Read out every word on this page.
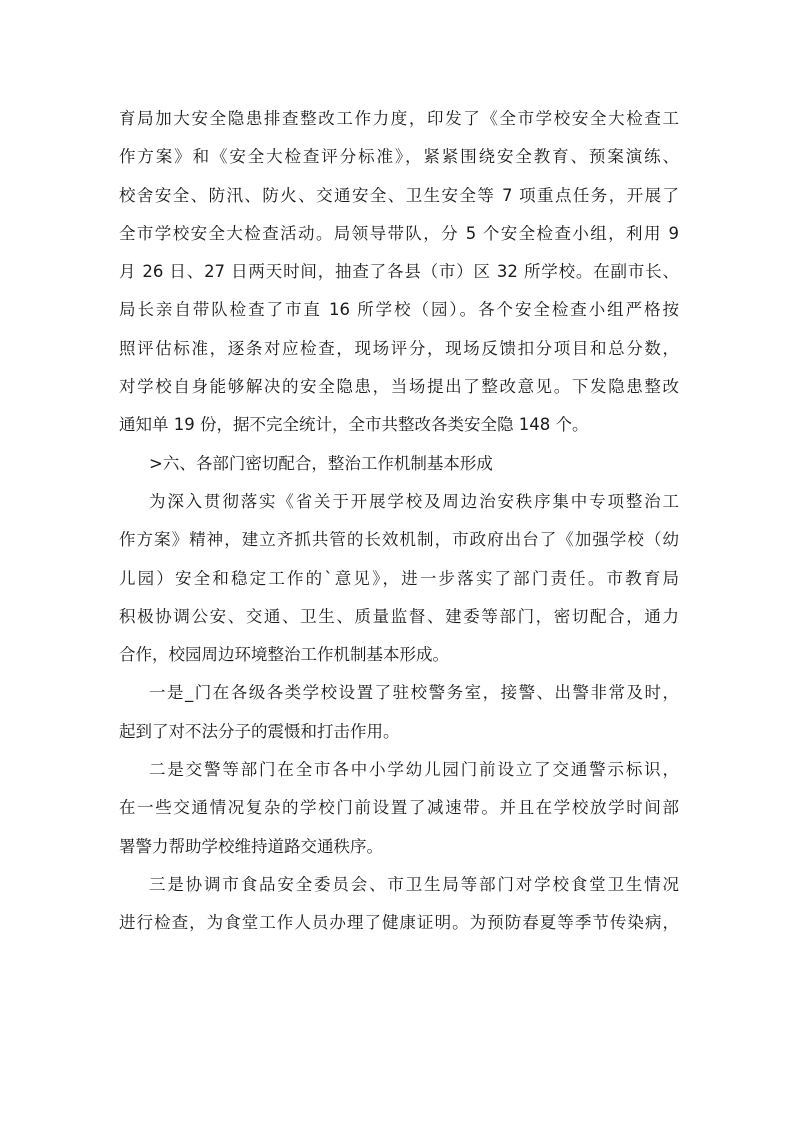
育局加大安全隐患排查整改工作力度，印发了《全市学校安全大检查工
作方案》和《安全大检查评分标准》，紧紧围绕安全教育、预案演练、
校舍安全、防汛、防火、交通安全、卫生安全等 7 项重点任务，开展了
全市学校安全大检查活动。局领导带队，分 5 个安全检查小组，利用 9
月 26 日、27 日两天时间，抽查了各县（市）区 32 所学校。在副市长、
局长亲自带队检查了市直 16 所学校（园）。各个安全检查小组严格按
照评估标准，逐条对应检查，现场评分，现场反馈扣分项目和总分数，
对学校自身能够解决的安全隐患，当场提出了整改意见。下发隐患整改
通知单 19 份，据不完全统计，全市共整改各类安全隐 148 个。
>六、各部门密切配合，整治工作机制基本形成
为深入贯彻落实《省关于开展学校及周边治安秩序集中专项整治工
作方案》精神，建立齐抓共管的长效机制，市政府出台了《加强学校（幼
儿园）安全和稳定工作的`意见》，进一步落实了部门责任。市教育局
积极协调公安、交通、卫生、质量监督、建委等部门，密切配合，通力
合作，校园周边环境整治工作机制基本形成。
一是_门在各级各类学校设置了驻校警务室，接警、出警非常及时，
起到了对不法分子的震慑和打击作用。
二是交警等部门在全市各中小学幼儿园门前设立了交通警示标识，
在一些交通情况复杂的学校门前设置了减速带。并且在学校放学时间部
署警力帮助学校维持道路交通秩序。
三是协调市食品安全委员会、市卫生局等部门对学校食堂卫生情况
进行检查，为食堂工作人员办理了健康证明。为预防春夏等季节传染病，
